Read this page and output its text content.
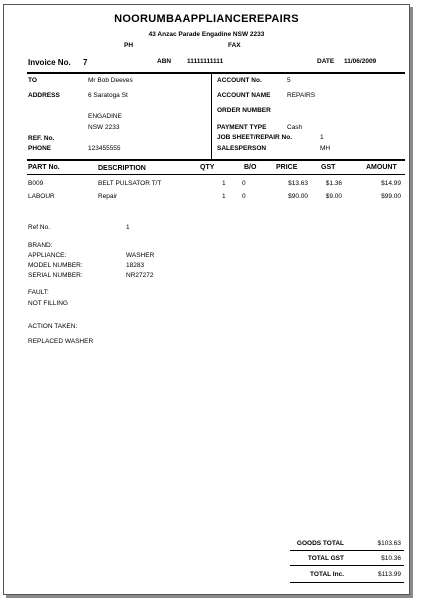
NOORUMBAAPPLIANCEREPAIRS
43 Anzac Parade Engadine NSW 2233
PH	FAX
Invoice No. 7	ABN 11111111111	DATE 11/06/2009
TO	Mr Bob Deeves
ADDRESS	6 Saratoga St
ENGADINE
NSW 2233
REF. No.
PHONE	123455555
ACCOUNT No.	5
ACCOUNT NAME	REPAIRS
ORDER NUMBER
PAYMENT TYPE	Cash
JOB SHEET/REPAIR No.	1
SALESPERSON	MH
PART No.	DESCRIPTION	QTY	B/O	PRICE	GST	AMOUNT
B009	BELT PULSATOR T/T	1	0	$13.63	$1.36	$14.99
LABOUR	Repair	1	0	$90.00	$9.00	$99.00
Ref No.	1
BRAND:
APPLIANCE:	WASHER
MODEL NUMBER:	18283
SERIAL NUMBER:	NR27272
FAULT:
NOT FILLING
ACTION TAKEN:
REPLACED WASHER
GOODS TOTAL	$103.63
TOTAL GST	$10.36
TOTAL Inc.	$113.99
